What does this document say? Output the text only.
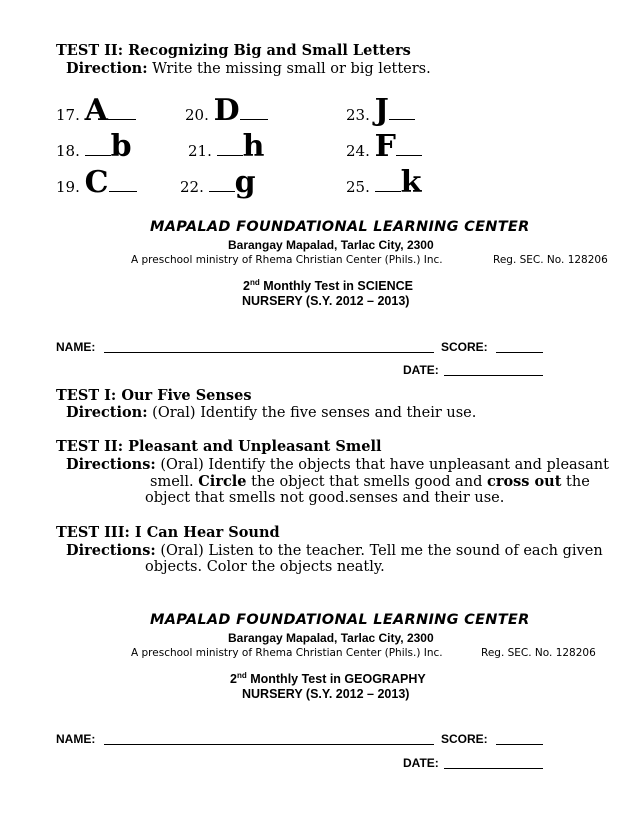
TEST II: Recognizing Big and Small Letters
Direction: Write the missing small or big letters.
17. A
18. b
19. C
20. D
21. h
22. g
23. J
24. F
25. k
MAPALAD FOUNDATIONAL LEARNING CENTER
Barangay Mapalad, Tarlac City, 2300
A preschool ministry of Rhema Christian Center (Phils.) Inc.	Reg. SEC. No. 128206
2nd Monthly Test in SCIENCE
NURSERY (S.Y. 2012 – 2013)
NAME:	SCORE:
DATE:
TEST I: Our Five Senses
Direction: (Oral) Identify the five senses and their use.
TEST II: Pleasant and Unpleasant Smell
Directions: (Oral) Identify the objects that have unpleasant and pleasant
smell. Circle the object that smells good and cross out the
object that smells not good.senses and their use.
TEST III: I Can Hear Sound
Directions: (Oral) Listen to the teacher. Tell me the sound of each given
objects. Color the objects neatly.
MAPALAD FOUNDATIONAL LEARNING CENTER
Barangay Mapalad, Tarlac City, 2300
A preschool ministry of Rhema Christian Center (Phils.) Inc.	Reg. SEC. No. 128206
2nd Monthly Test in GEOGRAPHY
NURSERY (S.Y. 2012 – 2013)
NAME:	SCORE:
DATE:
